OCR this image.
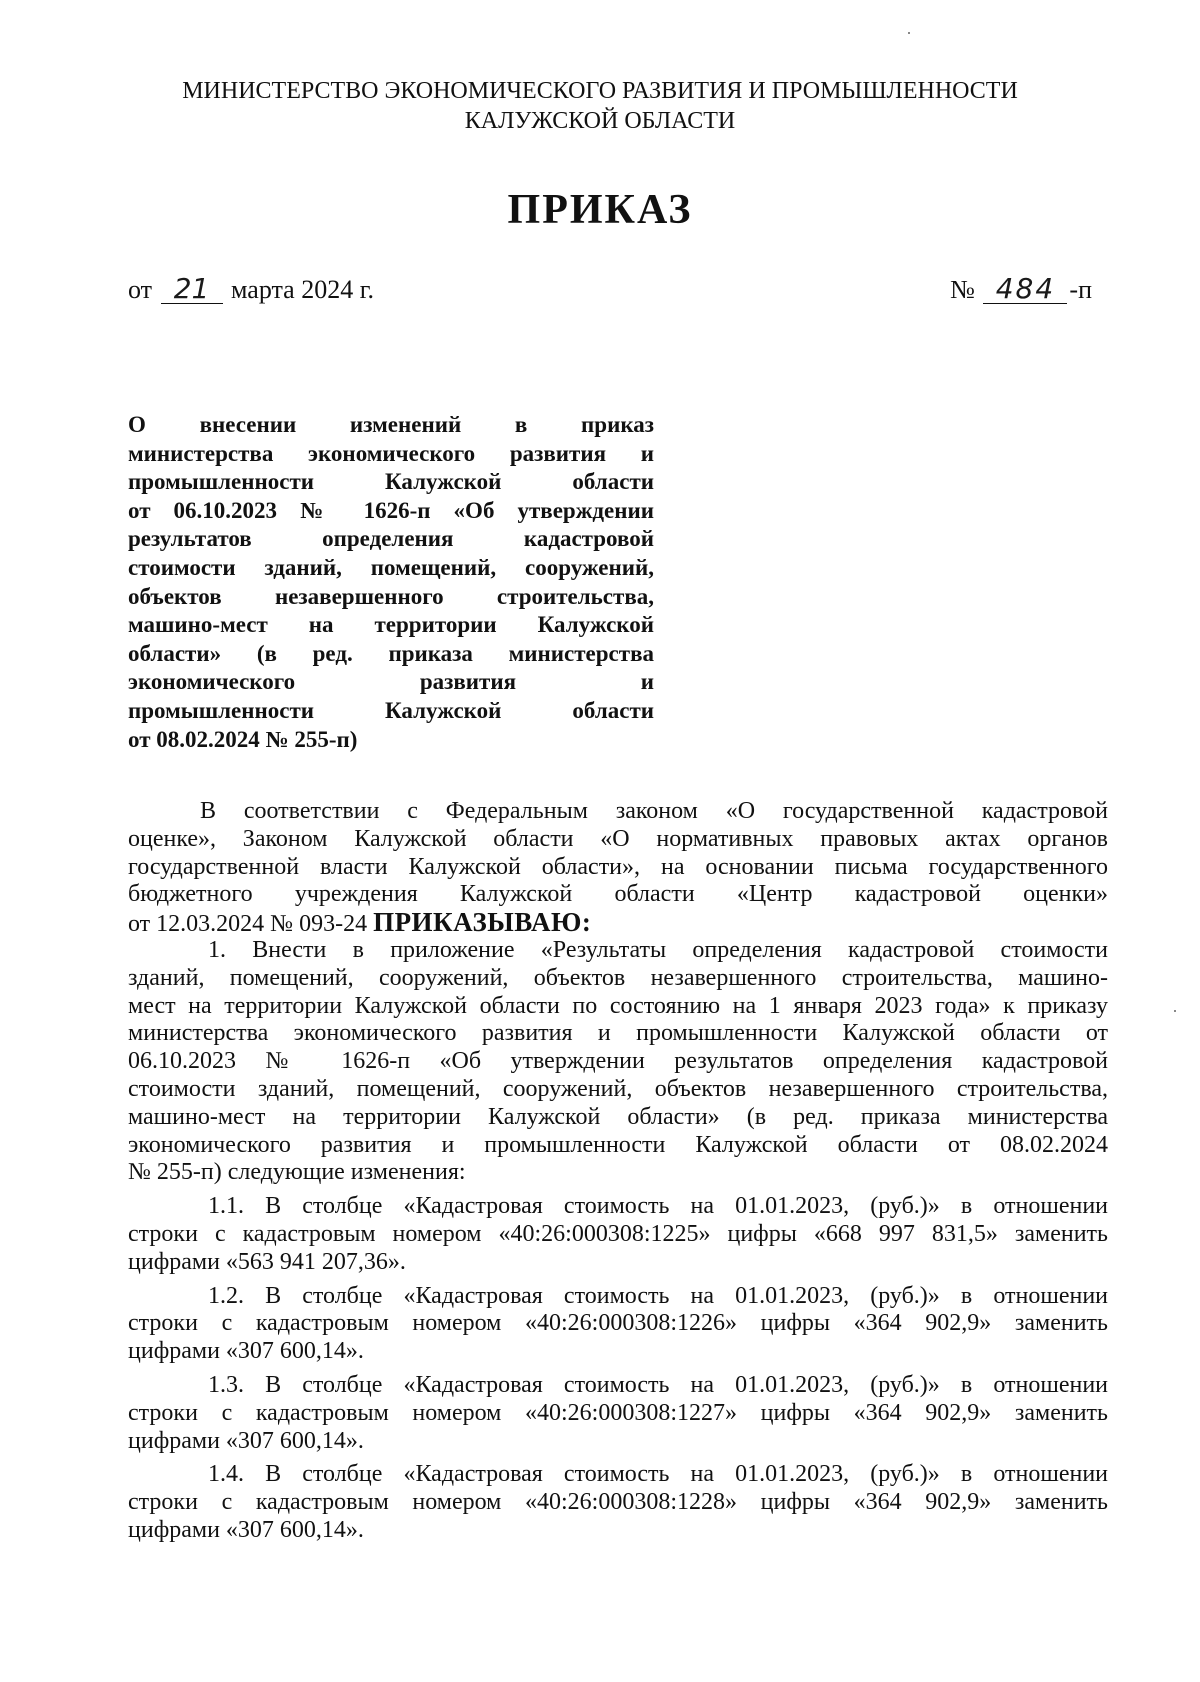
МИНИСТЕРСТВО ЭКОНОМИЧЕСКОГО РАЗВИТИЯ И ПРОМЫШЛЕННОСТИ
КАЛУЖСКОЙ ОБЛАСТИ
ПРИКАЗ
от 21 марта 2024 г.	№ 484 -п
О внесении изменений в приказ
министерства экономического развития и
промышленности Калужской области
от 06.10.2023 № 1626-п «Об утверждении
результатов определения кадастровой
стоимости зданий, помещений, сооружений,
объектов незавершенного строительства,
машино-мест на территории Калужской
области» (в ред. приказа министерства
экономического развития и
промышленности Калужской области
от 08.02.2024 № 255-п)
В соответствии с Федеральным законом «О государственной кадастровой
оценке», Законом Калужской области «О нормативных правовых актах органов
государственной власти Калужской области», на основании письма государственного
бюджетного учреждения Калужской области «Центр кадастровой оценки»
от 12.03.2024 № 093-24 ПРИКАЗЫВАЮ:
1. Внести в приложение «Результаты определения кадастровой стоимости
зданий, помещений, сооружений, объектов незавершенного строительства, машино-
мест на территории Калужской области по состоянию на 1 января 2023 года» к приказу
министерства экономического развития и промышленности Калужской области от
06.10.2023 № 1626-п «Об утверждении результатов определения кадастровой
стоимости зданий, помещений, сооружений, объектов незавершенного строительства,
машино-мест на территории Калужской области» (в ред. приказа министерства
экономического развития и промышленности Калужской области от 08.02.2024
№ 255-п) следующие изменения:
1.1. В столбце «Кадастровая стоимость на 01.01.2023, (руб.)» в отношении
строки с кадастровым номером «40:26:000308:1225» цифры «668 997 831,5» заменить
цифрами «563 941 207,36».
1.2. В столбце «Кадастровая стоимость на 01.01.2023, (руб.)» в отношении
строки с кадастровым номером «40:26:000308:1226» цифры «364 902,9» заменить
цифрами «307 600,14».
1.3. В столбце «Кадастровая стоимость на 01.01.2023, (руб.)» в отношении
строки с кадастровым номером «40:26:000308:1227» цифры «364 902,9» заменить
цифрами «307 600,14».
1.4. В столбце «Кадастровая стоимость на 01.01.2023, (руб.)» в отношении
строки с кадастровым номером «40:26:000308:1228» цифры «364 902,9» заменить
цифрами «307 600,14».
